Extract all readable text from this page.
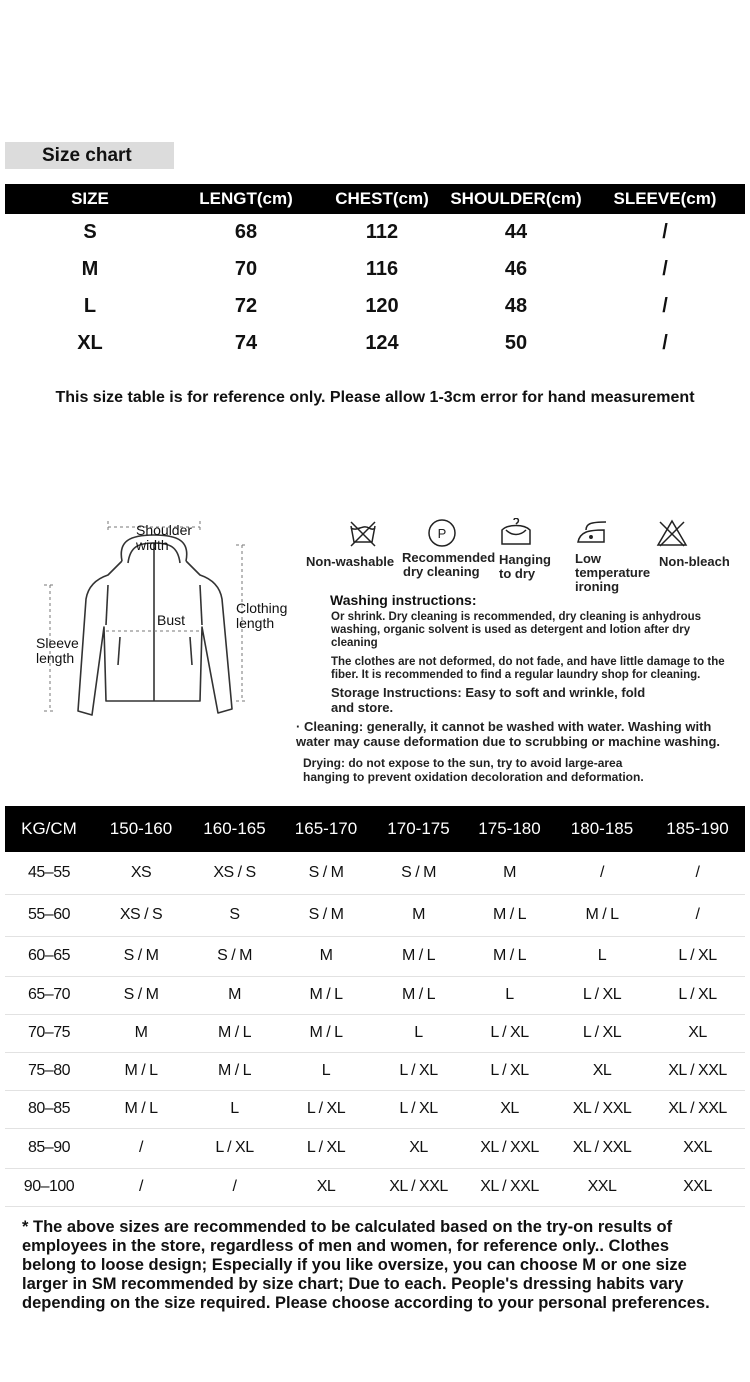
Size chart
SIZE	LENGT(cm)	CHEST(cm)	SHOULDER(cm)	SLEEVE(cm)
S	68	112	44	/
M	70	116	46	/
L	72	120	48	/
XL	74	124	50	/
This size table is for reference only. Please allow 1-3cm error for hand measurement
Shoulder
width
Bust
Clothing
length
Sleeve
length
P
Non-washable Recommended
dry cleaning
Hanging
to dry
Low
temperature
ironing
Non-bleach
Washing instructions:
Or shrink. Dry cleaning is recommended, dry cleaning is anhydrous
washing, organic solvent is used as detergent and lotion after dry
cleaning
The clothes are not deformed, do not fade, and have little damage to the
fiber. It is recommended to find a regular laundry shop for cleaning.
Storage Instructions: Easy to soft and wrinkle, fold
and store.
· Cleaning: generally, it cannot be washed with water. Washing with
water may cause deformation due to scrubbing or machine washing.
Drying: do not expose to the sun, try to avoid large-area
hanging to prevent oxidation decoloration and deformation.
KG/CM	150-160	160-165	165-170	170-175	175-180	180-185	185-190
45–55	XS	XS / S	S / M	S / M	M	/	/
55–60	XS / S	S	S / M	M	M / L	M / L	/
60–65	S / M	S / M	M	M / L	M / L	L	L / XL
65–70	S / M	M	M / L	M / L	L	L / XL	L / XL
70–75	M	M / L	M / L	L	L / XL	L / XL	XL
75–80	M / L	M / L	L	L / XL	L / XL	XL	XL / XXL
80–85	M / L	L	L / XL	L / XL	XL	XL / XXL	XL / XXL
85–90	/	L / XL	L / XL	XL	XL / XXL	XL / XXL	XXL
90–100	/	/	XL	XL / XXL	XL / XXL	XXL	XXL
* The above sizes are recommended to be calculated based on the try-on results of
employees in the store, regardless of men and women, for reference only.. Clothes
belong to loose design; Especially if you like oversize, you can choose M or one size
larger in SM recommended by size chart; Due to each. People's dressing habits vary
depending on the size required. Please choose according to your personal preferences.
